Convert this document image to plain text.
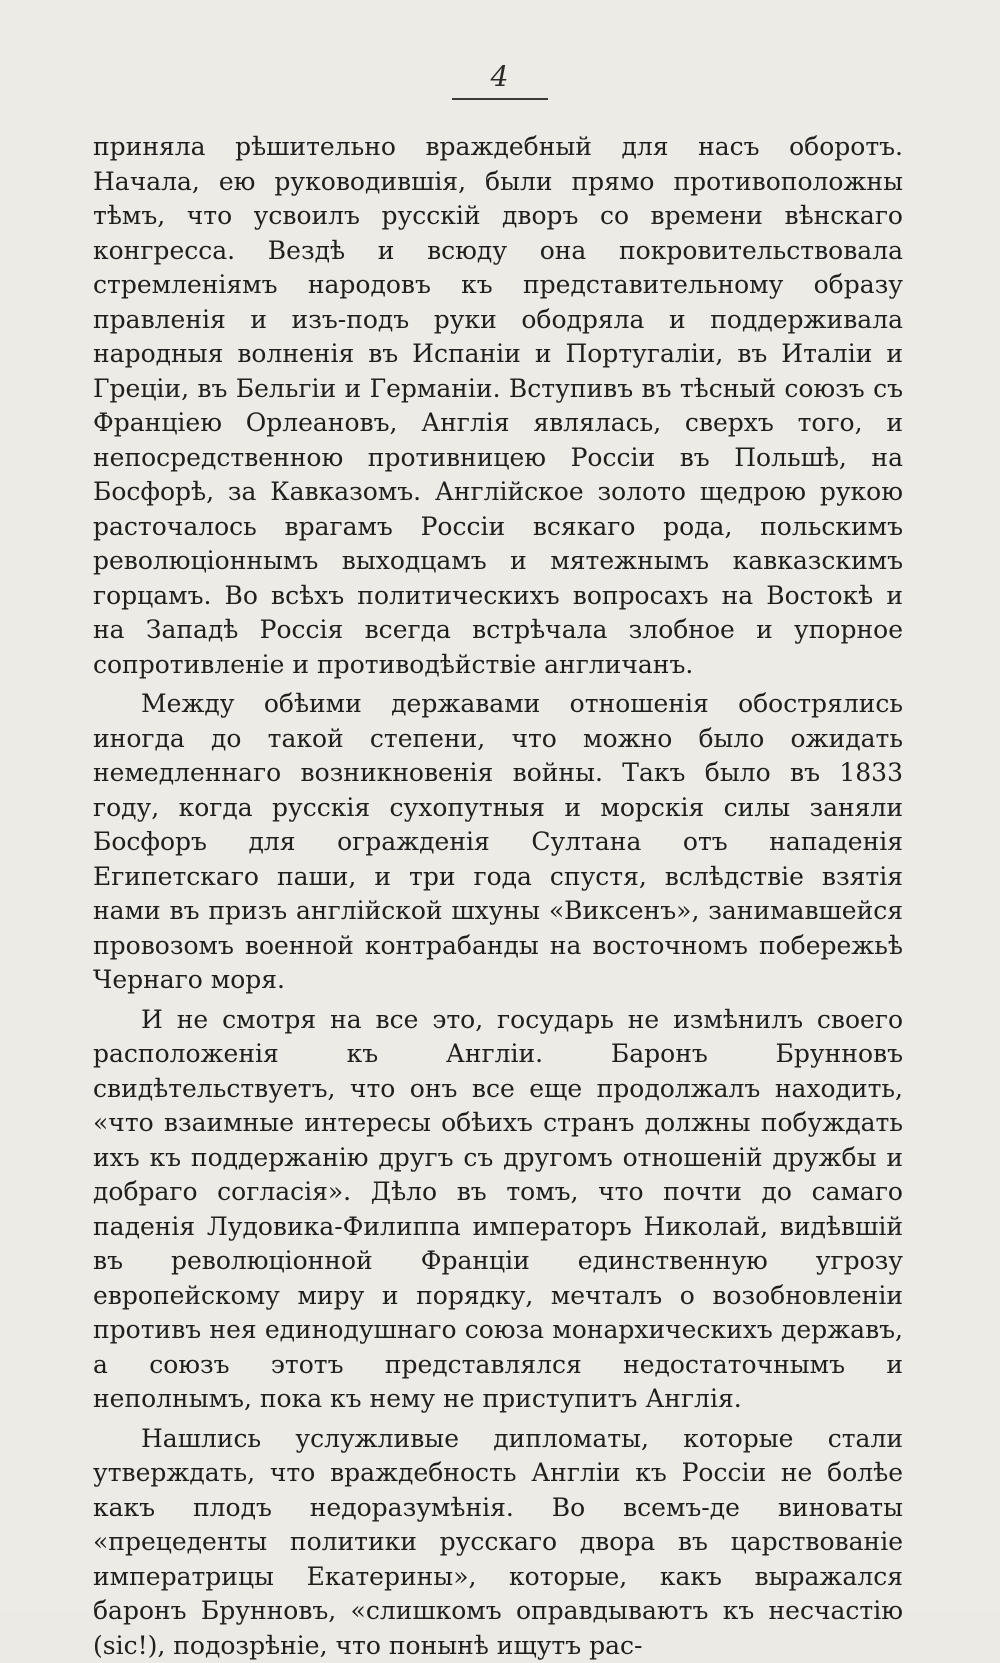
4

приняла рѣшительно враждебный для насъ оборотъ. Начала, ею руководившія, были прямо противоположны тѣмъ, что усвоилъ русскій дворъ со времени вѣнскаго конгресса. Вездѣ и всюду она покровительствовала стремленіямъ народовъ къ представительному образу правленія и изъ-подъ руки ободряла и поддерживала народныя волненія въ Испаніи и Португаліи, въ Италіи и Греціи, въ Бельгіи и Германіи. Вступивъ въ тѣсный союзъ съ Франціею Орлеановъ, Англія являлась, сверхъ того, и непосредственною противницею Россіи въ Польшѣ, на Босфорѣ, за Кавказомъ. Англійское золото щедрою рукою расточалось врагамъ Россіи всякаго рода, польскимъ революціоннымъ выходцамъ и мятежнымъ кавказскимъ горцамъ. Во всѣхъ политическихъ вопросахъ на Востокѣ и на Западѣ Россія всегда встрѣчала злобное и упорное сопротивленіе и противодѣйствіе англичанъ.

Между обѣими державами отношенія обострялись иногда до такой степени, что можно было ожидать немедленнаго возникновенія войны. Такъ было въ 1833 году, когда русскія сухопутныя и морскія силы заняли Босфоръ для огражденія Султана отъ нападенія Египетскаго паши, и три года спустя, вслѣдствіе взятія нами въ призъ англійской шхуны «Виксенъ», занимавшейся провозомъ военной контрабанды на восточномъ побережьѣ Чернаго моря.

И не смотря на все это, государь не измѣнилъ своего расположенія къ Англіи. Баронъ Брунновъ свидѣтельствуетъ, что онъ все еще продолжалъ находить, «что взаимные интересы обѣихъ странъ должны побуждать ихъ къ поддержанію другъ съ другомъ отношеній дружбы и добраго согласія». Дѣло въ томъ, что почти до самаго паденія Лудовика-Филиппа императоръ Николай, видѣвшій въ революціонной Франціи единственную угрозу европейскому миру и порядку, мечталъ о возобновленіи противъ нея единодушнаго союза монархическихъ державъ, а союзъ этотъ представлялся недостаточнымъ и неполнымъ, пока къ нему не приступитъ Англія.

Нашлись услужливые дипломаты, которые стали утверждать, что враждебность Англіи къ Россіи не болѣе какъ плодъ недоразумѣнія. Во всемъ-де виноваты «прецеденты политики русскаго двора въ царствованіе императрицы Екатерины», которые, какъ выражался баронъ Брунновъ, «слишкомъ оправдываютъ къ несчастію (sic!), подозрѣніе, что понынѣ ищутъ рас-
